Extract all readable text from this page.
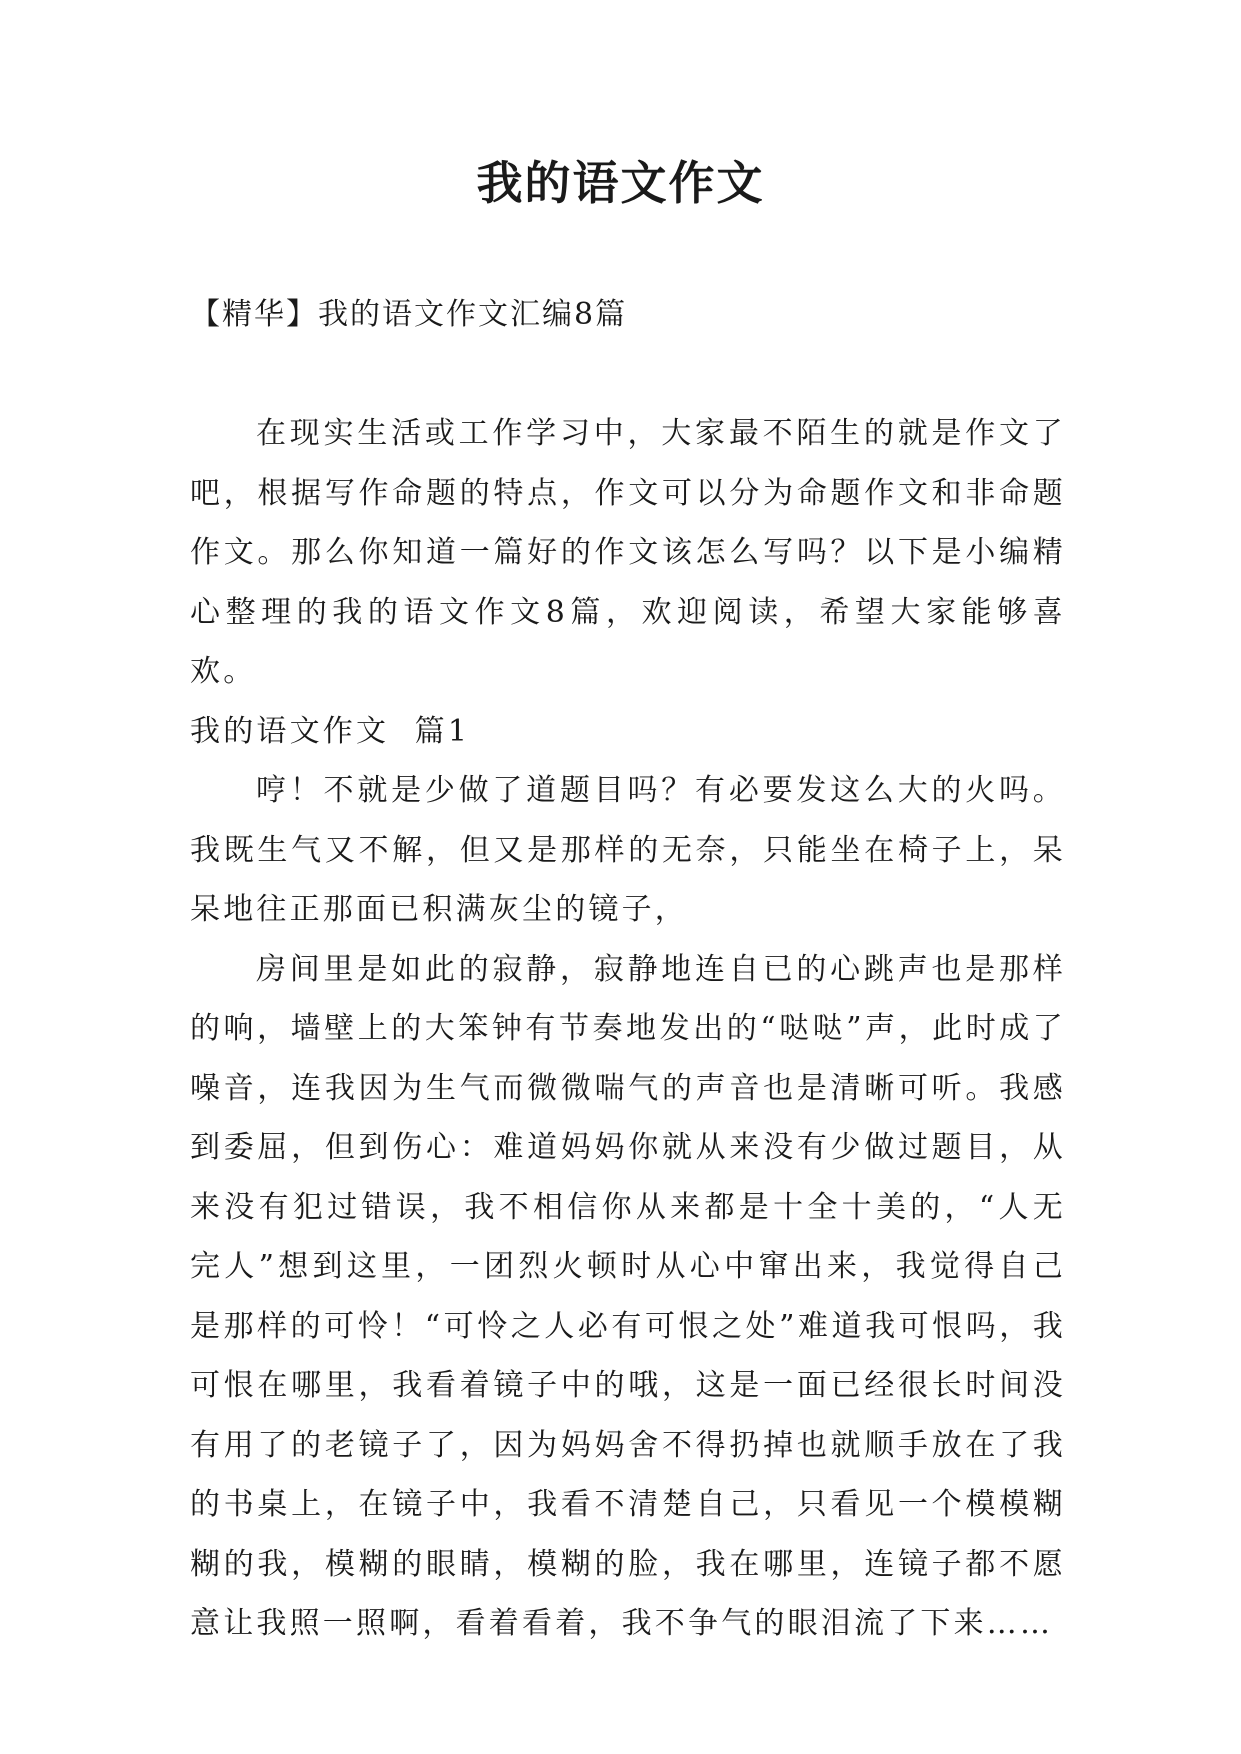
我的语文作文

【精华】我的语文作文汇编8篇

在现实生活或工作学习中，大家最不陌生的就是作文了吧，根据写作命题的特点，作文可以分为命题作文和非命题作文。那么你知道一篇好的作文该怎么写吗？以下是小编精心整理的我的语文作文8篇，欢迎阅读，希望大家能够喜欢。

我的语文作文  篇1

哼！不就是少做了道题目吗？有必要发这么大的火吗。我既生气又不解，但又是那样的无奈，只能坐在椅子上，呆呆地往正那面已积满灰尘的镜子，

房间里是如此的寂静，寂静地连自已的心跳声也是那样的响，墙壁上的大笨钟有节奏地发出的“哒哒”声，此时成了噪音，连我因为生气而微微喘气的声音也是清晰可听。我感到委屈，但到伤心：难道妈妈你就从来没有少做过题目，从来没有犯过错误，我不相信你从来都是十全十美的，“人无完人”想到这里，一团烈火顿时从心中窜出来，我觉得自己是那样的可怜！“可怜之人必有可恨之处”难道我可恨吗，我可恨在哪里，我看着镜子中的哦，这是一面已经很长时间没有用了的老镜子了，因为妈妈舍不得扔掉也就顺手放在了我的书桌上，在镜子中，我看不清楚自己，只看见一个模模糊糊的我，模糊的眼睛，模糊的脸，我在哪里，连镜子都不愿意让我照一照啊，看着看着，我不争气的眼泪流了下来……
